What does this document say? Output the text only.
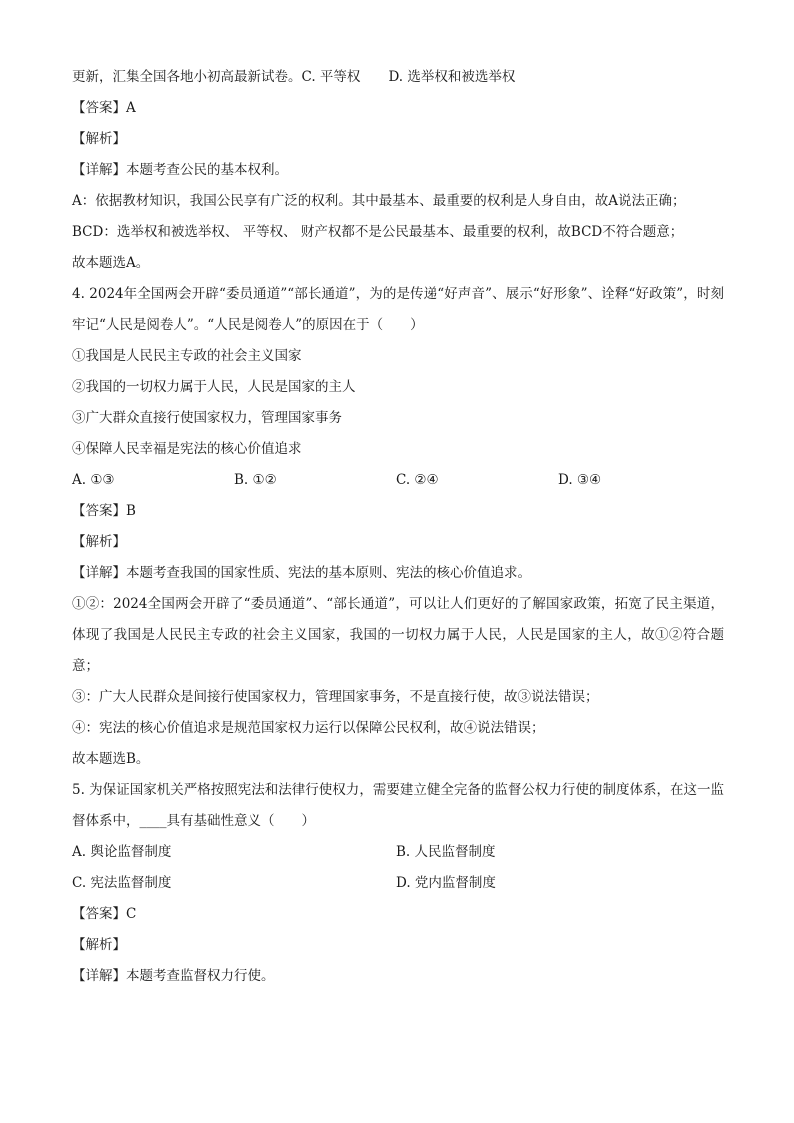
更新，汇集全国各地小初高最新试卷。C. 平等权 D. 选举权和被选举权
【答案】A
【解析】
【详解】本题考查公民的基本权利。
A：依据教材知识，我国公民享有广泛的权利。其中最基本、最重要的权利是人身自由，故A说法正确；
BCD：选举权和被选举权、 平等权、 财产权都不是公民最基本、最重要的权利，故BCD不符合题意；
故本题选A。
4. 2024年全国两会开辟“委员通道”“部长通道”，为的是传递“好声音”、展示“好形象”、诠释“好政策”，时刻牢记“人民是阅卷人”。“人民是阅卷人”的原因在于（　　）
①我国是人民民主专政的社会主义国家
②我国的一切权力属于人民，人民是国家的主人
③广大群众直接行使国家权力，管理国家事务
④保障人民幸福是宪法的核心价值追求
A. ①③	B. ①②	C. ②④	D. ③④
【答案】B
【解析】
【详解】本题考查我国的国家性质、宪法的基本原则、宪法的核心价值追求。
①②：2024全国两会开辟了“委员通道”、“部长通道”，可以让人们更好的了解国家政策，拓宽了民主渠道，体现了我国是人民民主专政的社会主义国家，我国的一切权力属于人民，人民是国家的主人，故①②符合题意；
③：广大人民群众是间接行使国家权力，管理国家事务，不是直接行使，故③说法错误；
④：宪法的核心价值追求是规范国家权力运行以保障公民权利，故④说法错误；
故本题选B。
5. 为保证国家机关严格按照宪法和法律行使权力，需要建立健全完备的监督公权力行使的制度体系，在这一监督体系中，____具有基础性意义（　　）
A. 舆论监督制度	B. 人民监督制度
C. 宪法监督制度	D. 党内监督制度
【答案】C
【解析】
【详解】本题考查监督权力行使。
